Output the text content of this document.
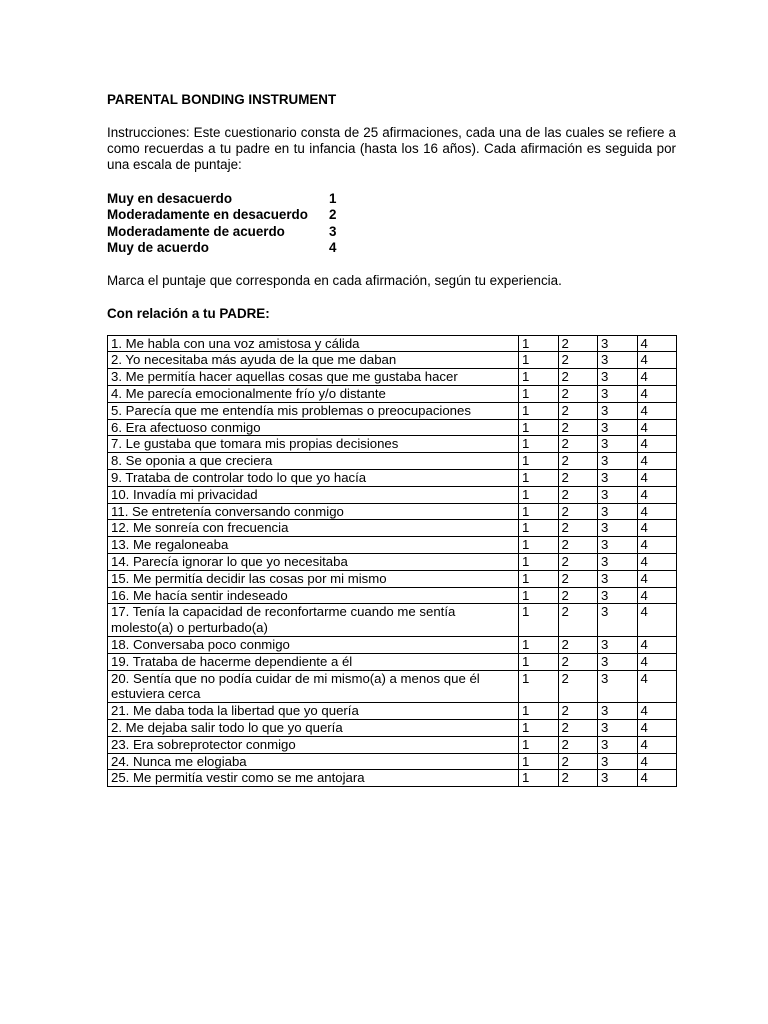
PARENTAL BONDING INSTRUMENT
Instrucciones: Este cuestionario consta de 25 afirmaciones, cada una de las cuales se refiere a como recuerdas a tu padre en tu infancia (hasta los 16 años). Cada afirmación es seguida por una escala de puntaje:
Muy en desacuerdo	1
Moderadamente en desacuerdo	2
Moderadamente de acuerdo	3
Muy de acuerdo	4
Marca el puntaje que corresponda en cada afirmación, según tu experiencia.
Con relación a tu PADRE:
1. Me habla con una voz amistosa y cálida	1	2	3	4
2. Yo necesitaba más ayuda de la que me daban	1	2	3	4
3. Me permitía hacer aquellas cosas que me gustaba hacer	1	2	3	4
4. Me parecía emocionalmente frío y/o distante	1	2	3	4
5. Parecía que me entendía mis problemas o preocupaciones	1	2	3	4
6. Era afectuoso conmigo	1	2	3	4
7. Le gustaba que tomara mis propias decisiones	1	2	3	4
8. Se oponia a que creciera	1	2	3	4
9. Trataba de controlar todo lo que yo hacía	1	2	3	4
10. Invadía mi privacidad	1	2	3	4
11. Se entretenía conversando conmigo	1	2	3	4
12. Me sonreía con frecuencia	1	2	3	4
13. Me regaloneaba	1	2	3	4
14. Parecía ignorar lo que yo necesitaba	1	2	3	4
15. Me permitía decidir las cosas por mi mismo	1	2	3	4
16. Me hacía sentir indeseado	1	2	3	4
17. Tenía la capacidad de reconfortarme cuando me sentía molesto(a) o perturbado(a)	1	2	3	4
18. Conversaba poco conmigo	1	2	3	4
19. Trataba de hacerme dependiente a él	1	2	3	4
20. Sentía que no podía cuidar de mi mismo(a) a menos que él estuviera cerca	1	2	3	4
21. Me daba toda la libertad que yo quería	1	2	3	4
2. Me dejaba salir todo lo que yo quería	1	2	3	4
23. Era sobreprotector conmigo	1	2	3	4
24. Nunca me elogiaba	1	2	3	4
25. Me permitía vestir como se me antojara	1	2	3	4
